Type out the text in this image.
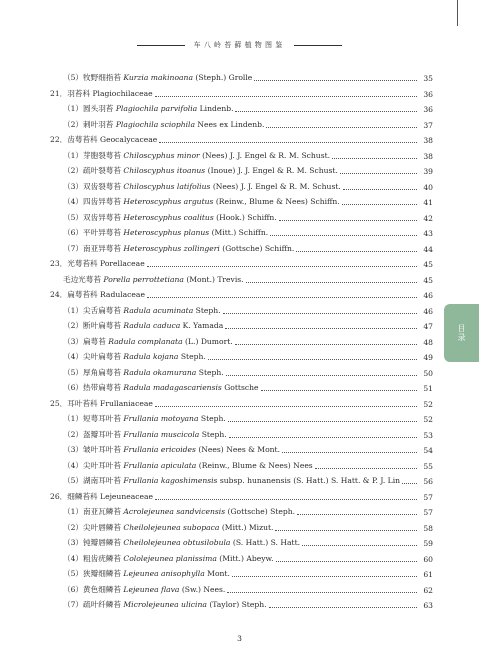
车八岭苔藓植物图鉴
（5）牧野细指苔 Kurzia makinoana (Steph.) Grolle	35
21．羽苔科 Plagiochilaceae	36
（1）圆头羽苔 Plagiochila parvifolia Lindenb.	36
（2）刺叶羽苔 Plagiochila sciophila Nees ex Lindenb.	37
22．齿萼苔科 Geocalycaceae	38
（1）芽胞裂萼苔 Chiloscyphus minor (Nees) J. J. Engel & R. M. Schust.	38
（2）疏叶裂萼苔 Chiloscyphus itoanus (Inoue) J. J. Engel & R. M. Schust.	39
（3）双齿裂萼苔 Chiloscyphus latifolius (Nees) J. J. Engel & R. M. Schust.	40
（4）四齿异萼苔 Heteroscyphus argutus (Reinw., Blume & Nees) Schiffn.	41
（5）双齿异萼苔 Heteroscyphus coalitus (Hook.) Schiffn.	42
（6）平叶异萼苔 Heteroscyphus planus (Mitt.) Schiffn.	43
（7）南亚异萼苔 Heteroscyphus zollingeri (Gottsche) Schiffn.	44
23．光萼苔科 Porellaceae	45
毛边光萼苔 Porella perrottetiana (Mont.) Trevis.	45
24．扁萼苔科 Radulaceae	46
（1）尖舌扁萼苔 Radula acuminata Steph.	46
（2）断叶扁萼苔 Radula caduca K. Yamada	47
（3）扁萼苔 Radula complanata (L.) Dumort.	48
（4）尖叶扁萼苔 Radula kojana Steph.	49
（5）厚角扁萼苔 Radula okamurana Steph.	50
（6）热带扁萼苔 Radula madagascariensis Gottsche	51
25．耳叶苔科 Frullaniaceae	52
（1）短萼耳叶苔 Frullania motoyana Steph.	52
（2）盔瓣耳叶苔 Frullania muscicola Steph.	53
（3）皱叶耳叶苔 Frullania ericoides (Nees) Nees & Mont.	54
（4）尖叶耳叶苔 Frullania apiculata (Reinw., Blume & Nees) Nees	55
（5）湖南耳叶苔 Frullania kagoshimensis subsp. hunanensis (S. Hatt.) S. Hatt. & P. J. Lin	56
26．细鳞苔科 Lejeuneaceae	57
（1）南亚瓦鳞苔 Acrolejeunea sandvicensis (Gottsche) Steph.	57
（2）尖叶唇鳞苔 Cheilolejeunea subopaca (Mitt.) Mizut.	58
（3）钝瓣唇鳞苔 Cheilolejeunea obtusilobula (S. Hatt.) S. Hatt.	59
（4）粗齿疣鳞苔 Cololejeunea planissima (Mitt.) Abeyw.	60
（5）狭瓣细鳞苔 Lejeunea anisophylla Mont.	61
（6）黄色细鳞苔 Lejeunea flava (Sw.) Nees.	62
（7）疏叶纤鳞苔 Microlejeunea ulicina (Taylor) Steph.	63
目录
3
